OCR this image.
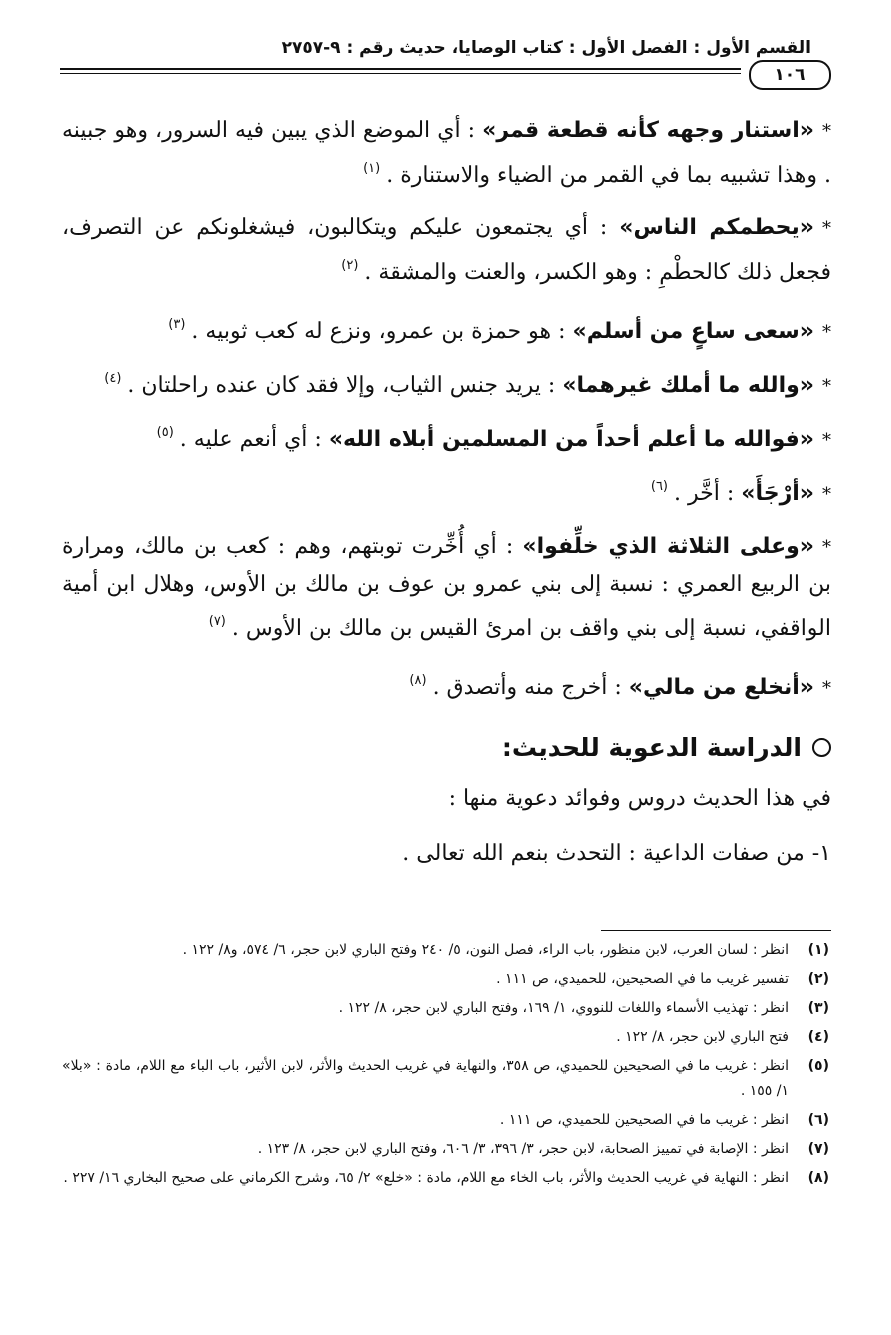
القسم الأول : الفصل الأول : كتاب الوصايا، حديث رقم : ٩-٢٧٥٧
١٠٦

*«استنار وجهه كأنه قطعة قمر» : أي الموضع الذي يبين فيه السرور، وهو جبينه . وهذا تشبيه بما في القمر من الضياء والاستنارة .$^{(١)}$

*«يحطمكم الناس» : أي يجتمعون عليكم ويتكالبون، فيشغلونكم عن التصرف، فجعل ذلك كالحطْمِ : وهو الكسر، والعنت والمشقة .$^{(٢)}$

*«سعى ساعٍ من أسلم» : هو حمزة بن عمرو، ونزع له كعب ثوبيه .$^{(٣)}$

*«والله ما أملك غيرهما» : يريد جنس الثياب، وإلا فقد كان عنده راحلتان .$^{(٤)}$

*«فوالله ما أعلم أحداً من المسلمين أبلاه الله» : أي أنعم عليه .$^{(٥)}$

*«أرْجَأَ» : أخَّر .$^{(٦)}$

*«وعلى الثلاثة الذي خلِّفوا» : أي أُخِّرت توبتهم، وهم : كعب بن مالك، ومرارة بن الربيع العمري : نسبة إلى بني عمرو بن عوف بن مالك بن الأوس، وهلال ابن أمية الواقفي، نسبة إلى بني واقف بن امرئ القيس بن مالك بن الأوس .$^{(٧)}$

*«أنخلع من مالي» : أخرج منه وأتصدق .$^{(٨)}$

الدراسة الدعوية للحديث:

في هذا الحديث دروس وفوائد دعوية منها :

١- من صفات الداعية : التحدث بنعم الله تعالى .

(١)
انظر : لسان العرب، لابن منظور، باب الراء، فصل النون، ٥/ ٢٤٠ وفتح الباري لابن حجر، ٦/ ٥٧٤، و٨/ ١٢٢ .

(٢)
تفسير غريب ما في الصحيحين، للحميدي، ص ١١١ .

(٣)
انظر : تهذيب الأسماء واللغات للنووي، ١/ ١٦٩، وفتح الباري لابن حجر، ٨/ ١٢٢ .

(٤)
فتح الباري لابن حجر، ٨/ ١٢٢ .

(٥)
انظر : غريب ما في الصحيحين للحميدي، ص ٣٥٨، والنهاية في غريب الحديث والأثر، لابن الأثير، باب الباء مع اللام، مادة : «بلا» ١/ ١٥٥ .

(٦)
انظر : غريب ما في الصحيحين للحميدي، ص ١١١ .

(٧)
انظر : الإصابة في تمييز الصحابة، لابن حجر، ٣/ ٣٩٦، ٣/ ٦٠٦، وفتح الباري لابن حجر، ٨/ ١٢٣ .

(٨)
انظر : النهاية في غريب الحديث والأثر، باب الخاء مع اللام، مادة : «خلع» ٢/ ٦٥، وشرح الكرماني على صحيح البخاري ١٦/ ٢٢٧ .
